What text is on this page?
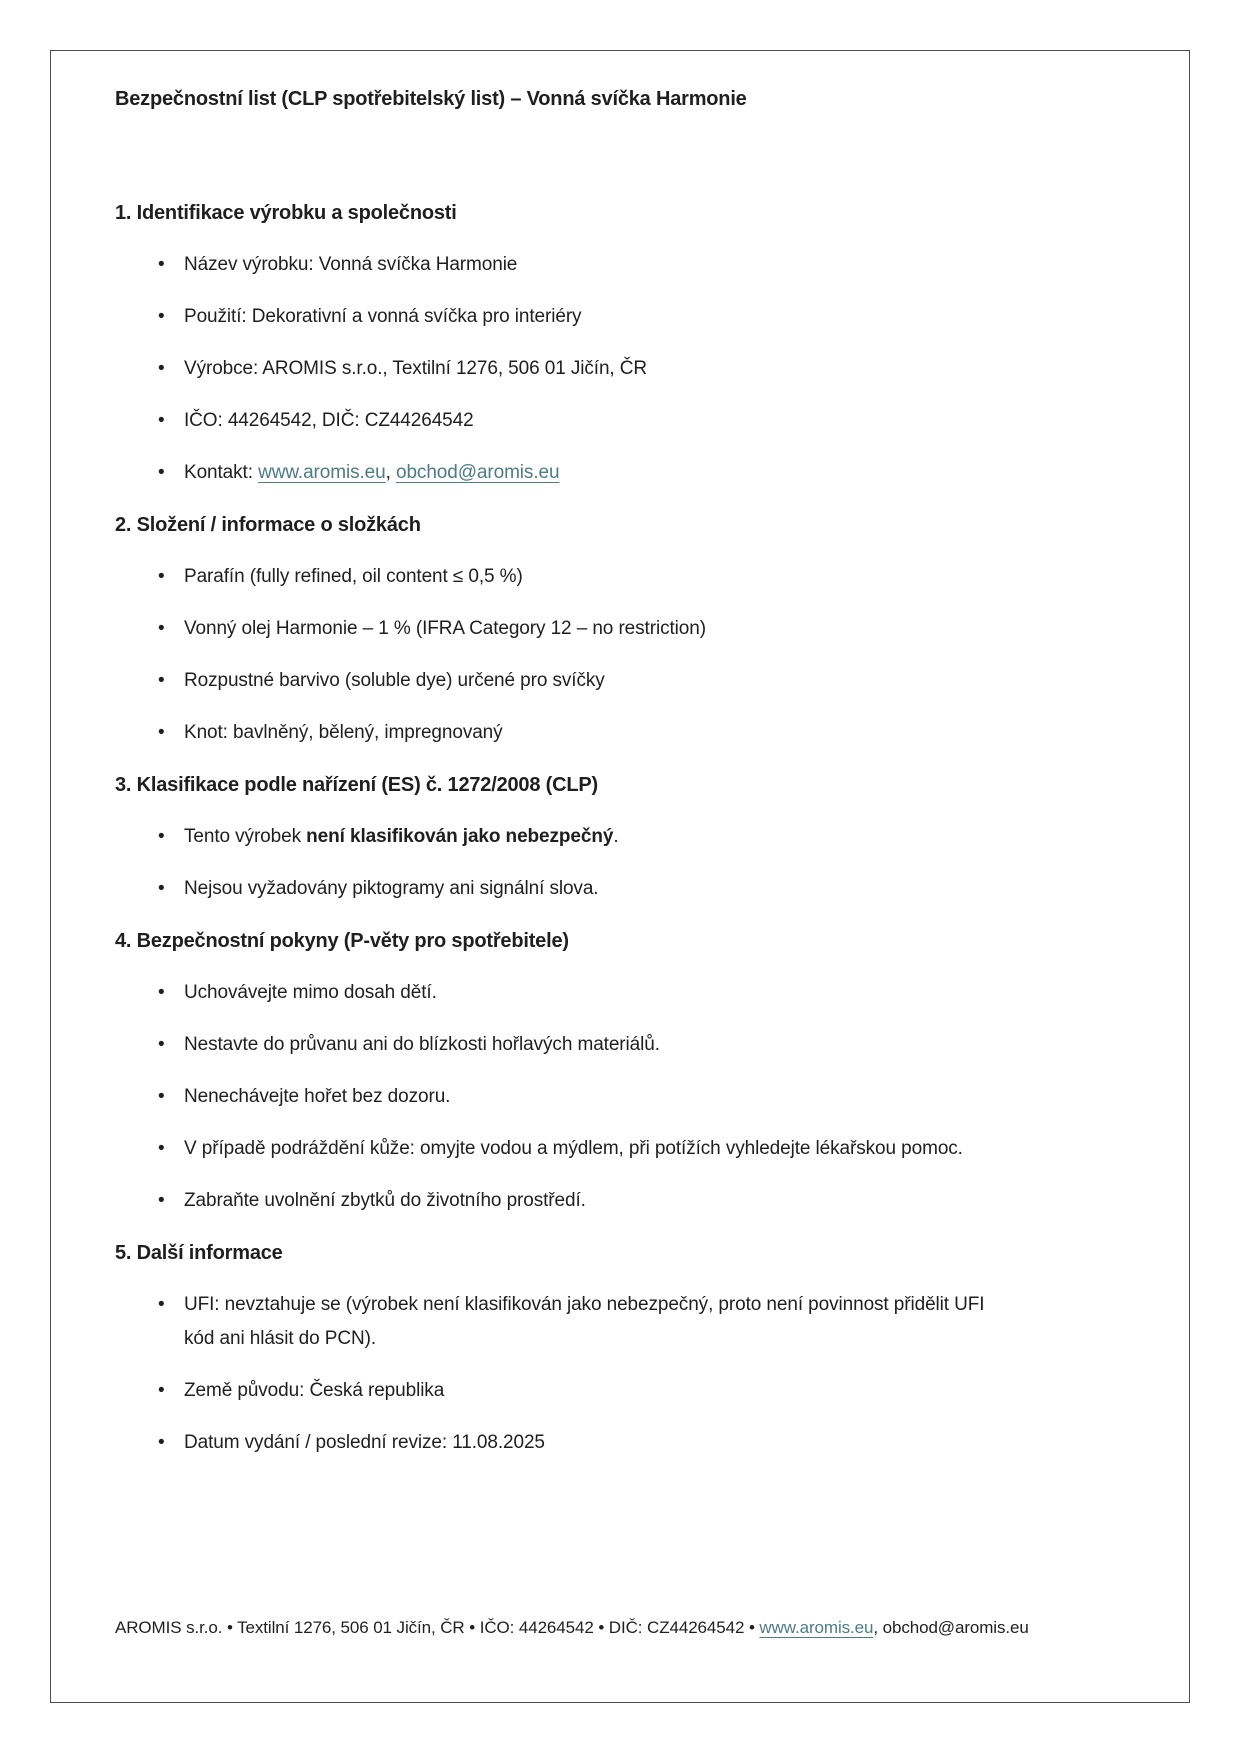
Bezpečnostní list (CLP spotřebitelský list) – Vonná svíčka Harmonie
1. Identifikace výrobku a společnosti
• Název výrobku: Vonná svíčka Harmonie
• Použití: Dekorativní a vonná svíčka pro interiéry
• Výrobce: AROMIS s.r.o., Textilní 1276, 506 01 Jičín, ČR
• IČO: 44264542, DIČ: CZ44264542
• Kontakt: www.aromis.eu, obchod@aromis.eu
2. Složení / informace o složkách
• Parafín (fully refined, oil content ≤ 0,5 %)
• Vonný olej Harmonie – 1 % (IFRA Category 12 – no restriction)
• Rozpustné barvivo (soluble dye) určené pro svíčky
• Knot: bavlněný, bělený, impregnovaný
3. Klasifikace podle nařízení (ES) č. 1272/2008 (CLP)
• Tento výrobek není klasifikován jako nebezpečný.
• Nejsou vyžadovány piktogramy ani signální slova.
4. Bezpečnostní pokyny (P-věty pro spotřebitele)
• Uchovávejte mimo dosah dětí.
• Nestavte do průvanu ani do blízkosti hořlavých materiálů.
• Nenechávejte hořet bez dozoru.
• V případě podráždění kůže: omyjte vodou a mýdlem, při potížích vyhledejte lékařskou pomoc.
• Zabraňte uvolnění zbytků do životního prostředí.
5. Další informace
• UFI: nevztahuje se (výrobek není klasifikován jako nebezpečný, proto není povinnost přidělit UFI kód ani hlásit do PCN).
• Země původu: Česká republika
• Datum vydání / poslední revize: 11.08.2025
AROMIS s.r.o. • Textilní 1276, 506 01 Jičín, ČR • IČO: 44264542 • DIČ: CZ44264542 • www.aromis.eu, obchod@aromis.eu
